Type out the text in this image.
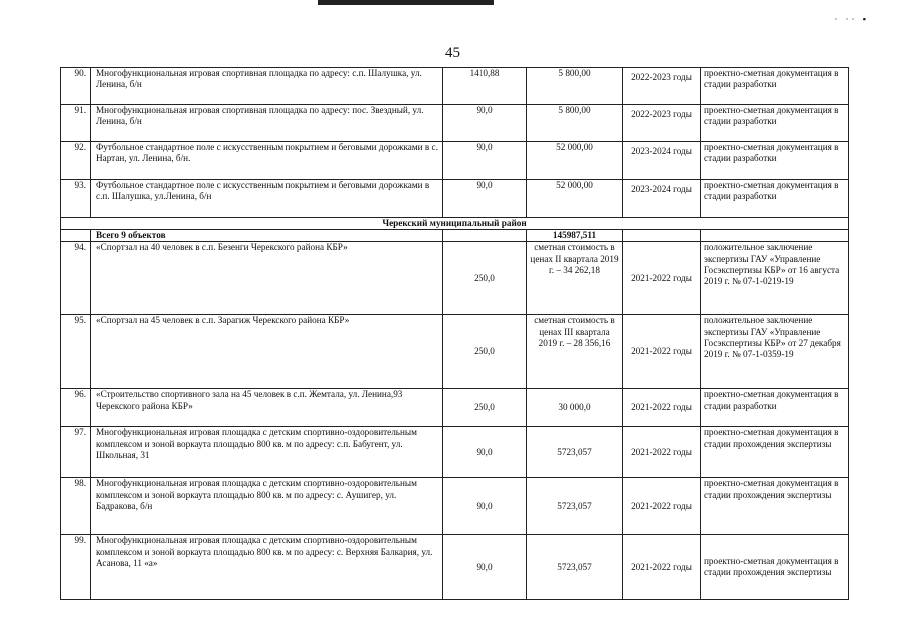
· ·· ▪
45
90.	Многофункциональная игровая спортивная площадка по адресу: с.п. Шалушка, ул. Ленина, б/н	1410,88	5 800,00	2022-2023 годы	проектно-сметная документация в стадии разработки
91.	Многофункциональная игровая спортивная площадка по адресу: пос. Звездный, ул. Ленина, б/н	90,0	5 800,00	2022-2023 годы	проектно-сметная документация в стадии разработки
92.	Футбольное стандартное поле с искусственным покрытием и беговыми дорожками в с. Нартан, ул. Ленина, б/н.	90,0	52 000,00	2023-2024 годы	проектно-сметная документация в стадии разработки
93.	Футбольное стандартное поле с искусственным покрытием и беговыми дорожками в с.п. Шалушка, ул.Ленина, б/н	90,0	52 000,00	2023-2024 годы	проектно-сметная документация в стадии разработки
Черекский муниципальный район					
	Всего 9 объектов		145987,511		
94.	«Спортзал на 40 человек в с.п. Безенги Черекского района КБР»	250,0	сметная стоимость в ценах II квартала 2019 г. – 34 262,18	2021-2022 годы	положительное заключение экспертизы ГАУ «Управление Госэкспертизы КБР» от 16 августа 2019 г. № 07-1-0219-19
95.	«Спортзал на 45 человек в с.п. Зарагиж Черекского района КБР»	250,0	сметная стоимость в ценах III квартала 2019 г. – 28 356,16	2021-2022 годы	положительное заключение экспертизы ГАУ «Управление Госэкспертизы КБР» от 27 декабря 2019 г. № 07-1-0359-19
96.	«Строительство спортивного зала на 45 человек в с.п. Жемтала, ул. Ленина,93 Черекского района КБР»	250,0	30 000,0	2021-2022 годы	проектно-сметная документация в стадии разработки
97.	Многофункциональная игровая площадка с детским спортивно-оздоровительным комплексом и зоной воркаута площадью 800 кв. м по адресу: с.п. Бабугент, ул. Школьная, 31	90,0	5723,057	2021-2022 годы	проектно-сметная документация в стадии прохождения экспертизы
98.	Многофункциональная игровая площадка с детским спортивно-оздоровительным комплексом и зоной воркаута площадью 800 кв. м по адресу: с. Аушигер, ул. Бадракова, б/н	90,0	5723,057	2021-2022 годы	проектно-сметная документация в стадии прохождения экспертизы
99.	Многофункциональная игровая площадка с детским спортивно-оздоровительным комплексом и зоной воркаута площадью 800 кв. м по адресу: с. Верхняя Балкария, ул. Асанова, 11 «а»	90,0	5723,057	2021-2022 годы	проектно-сметная документация в стадии прохождения экспертизы
